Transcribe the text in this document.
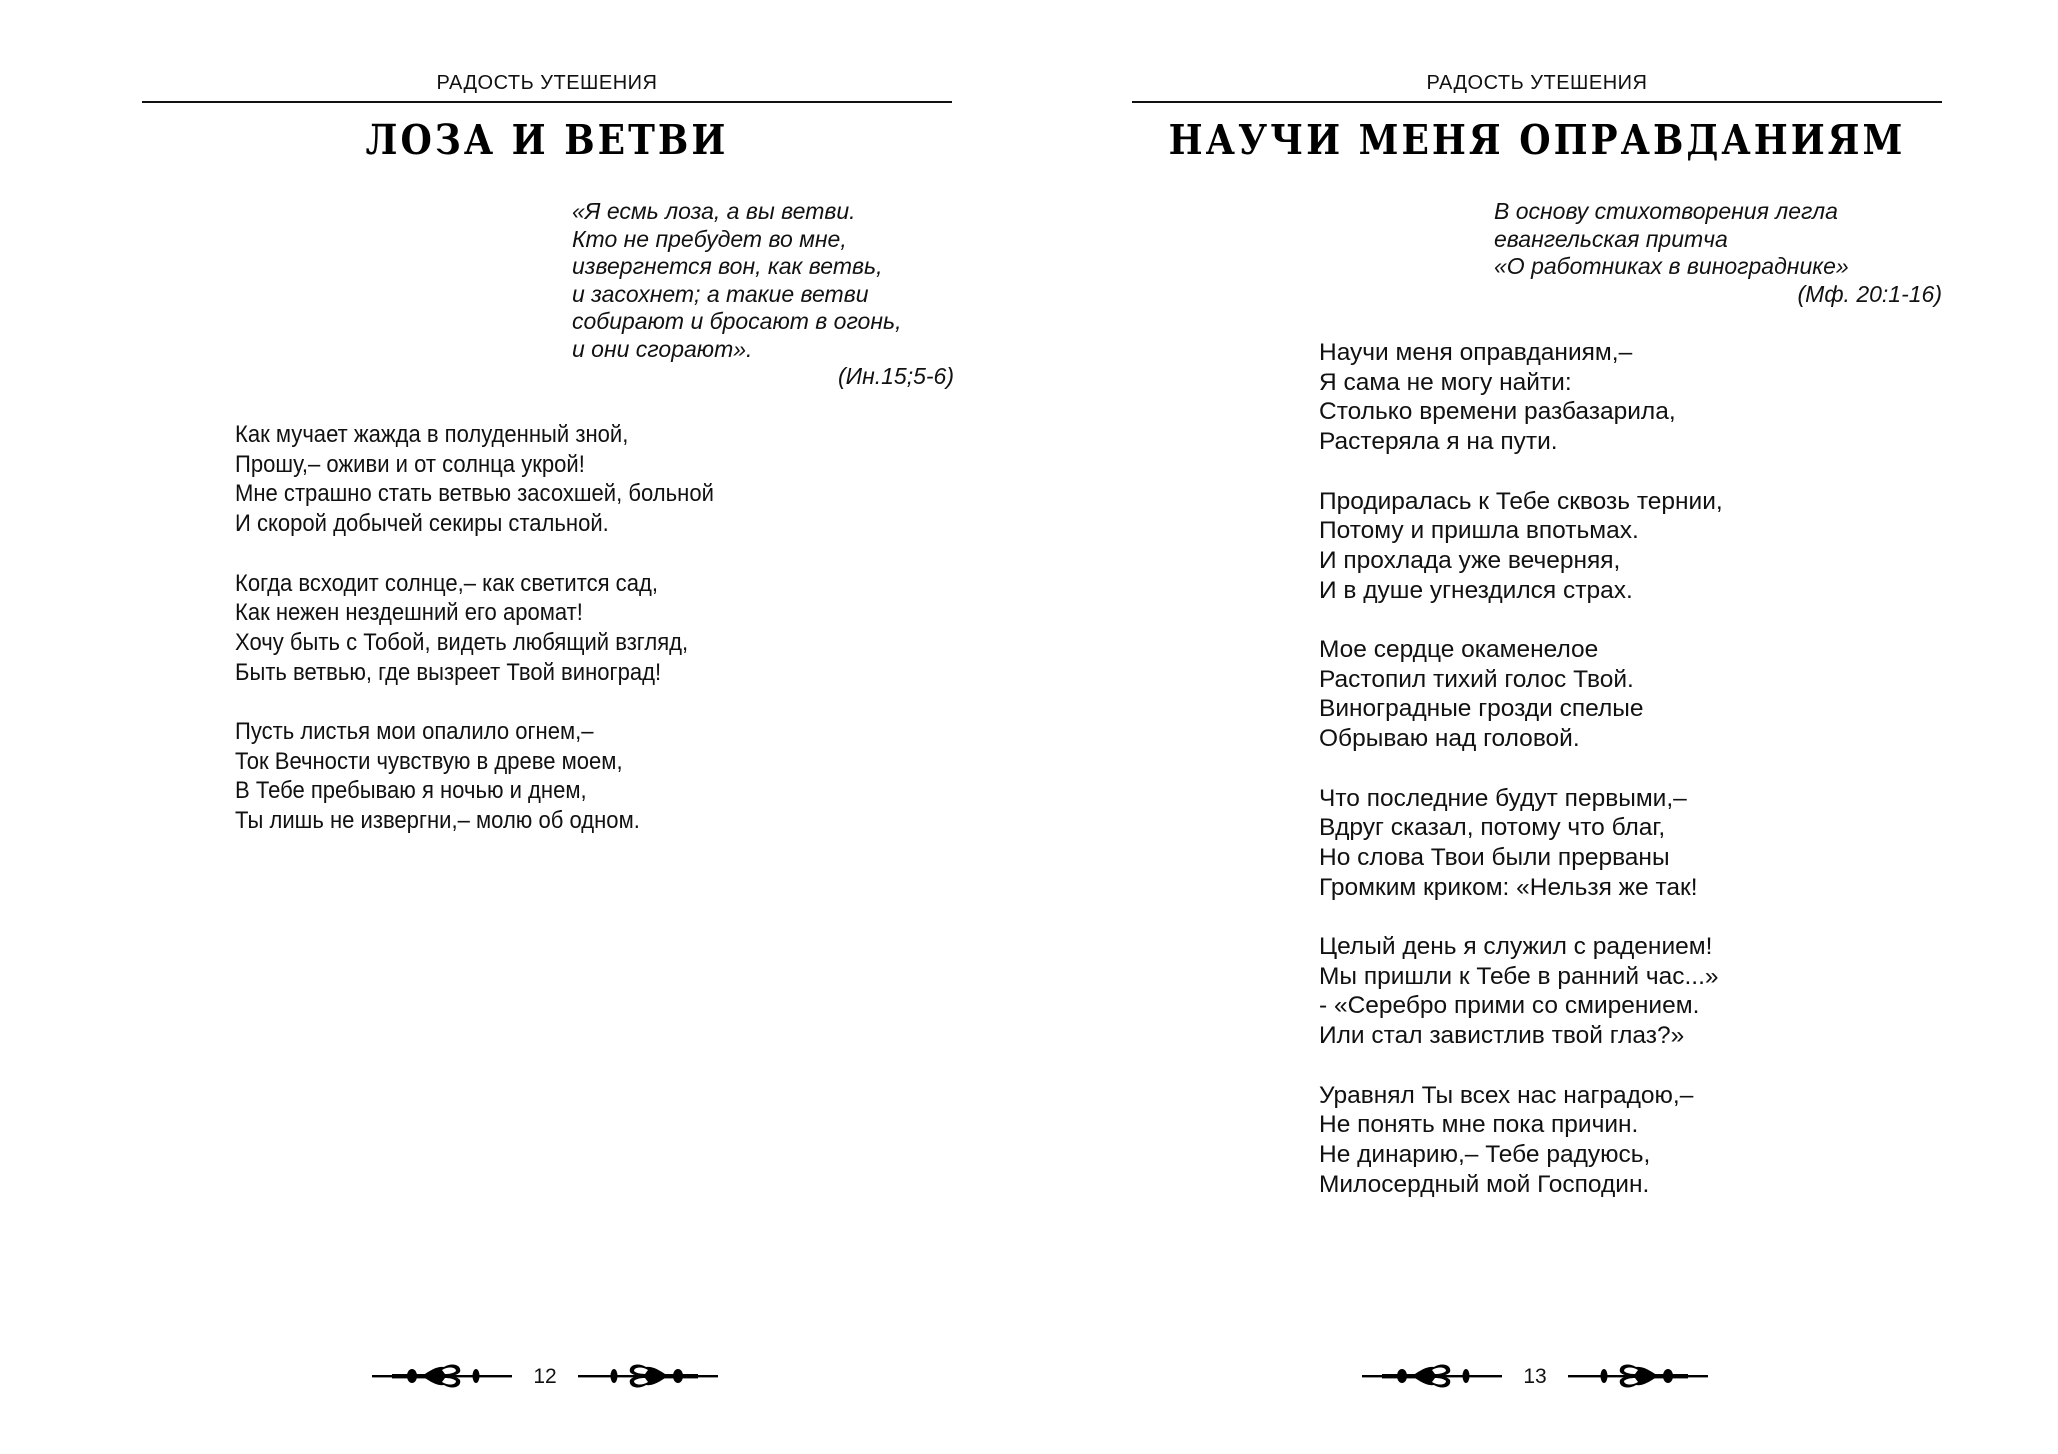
РАДОСТЬ УТЕШЕНИЯ
ЛОЗА И ВЕТВИ
«Я есмь лоза, а вы ветви.
Кто не пребудет во мне,
извергнется вон, как ветвь,
и засохнет; а такие ветви
собирают и бросают в огонь,
и они сгорают».
(Ин.15;5-6)
Как мучает жажда в полуденный зной,
Прошу,– оживи и от солнца укрой!
Мне страшно стать ветвью засохшей, больной
И скорой добычей секиры стальной.
Когда всходит солнце,– как светится сад,
Как нежен нездешний его аромат!
Хочу быть с Тобой, видеть любящий взгляд,
Быть ветвью, где вызреет Твой виноград!
Пусть листья мои опалило огнем,–
Ток Вечности чувствую в древе моем,
В Тебе пребываю я ночью и днем,
Ты лишь не извергни,– молю об одном.
12
РАДОСТЬ УТЕШЕНИЯ
НАУЧИ МЕНЯ ОПРАВДАНИЯМ
В основу стихотворения легла
евангельская притча
«О работниках в винограднике»
(Мф. 20:1-16)
Научи меня оправданиям,–
Я сама не могу найти:
Столько времени разбазарила,
Растеряла я на пути.
Продиралась к Тебе сквозь тернии,
Потому и пришла впотьмах.
И прохлада уже вечерняя,
И в душе угнездился страх.
Мое сердце окаменелое
Растопил тихий голос Твой.
Виноградные грозди спелые
Обрываю над головой.
Что последние будут первыми,–
Вдруг сказал, потому что благ,
Но слова Твои были прерваны
Громким криком: «Нельзя же так!
Целый день я служил с радением!
Мы пришли к Тебе в ранний час...»
- «Серебро прими со смирением.
Или стал завистлив твой глаз?»
Уравнял Ты всех нас наградою,–
Не понять мне пока причин.
Не динарию,– Тебе радуюсь,
Милосердный мой Господин.
13
